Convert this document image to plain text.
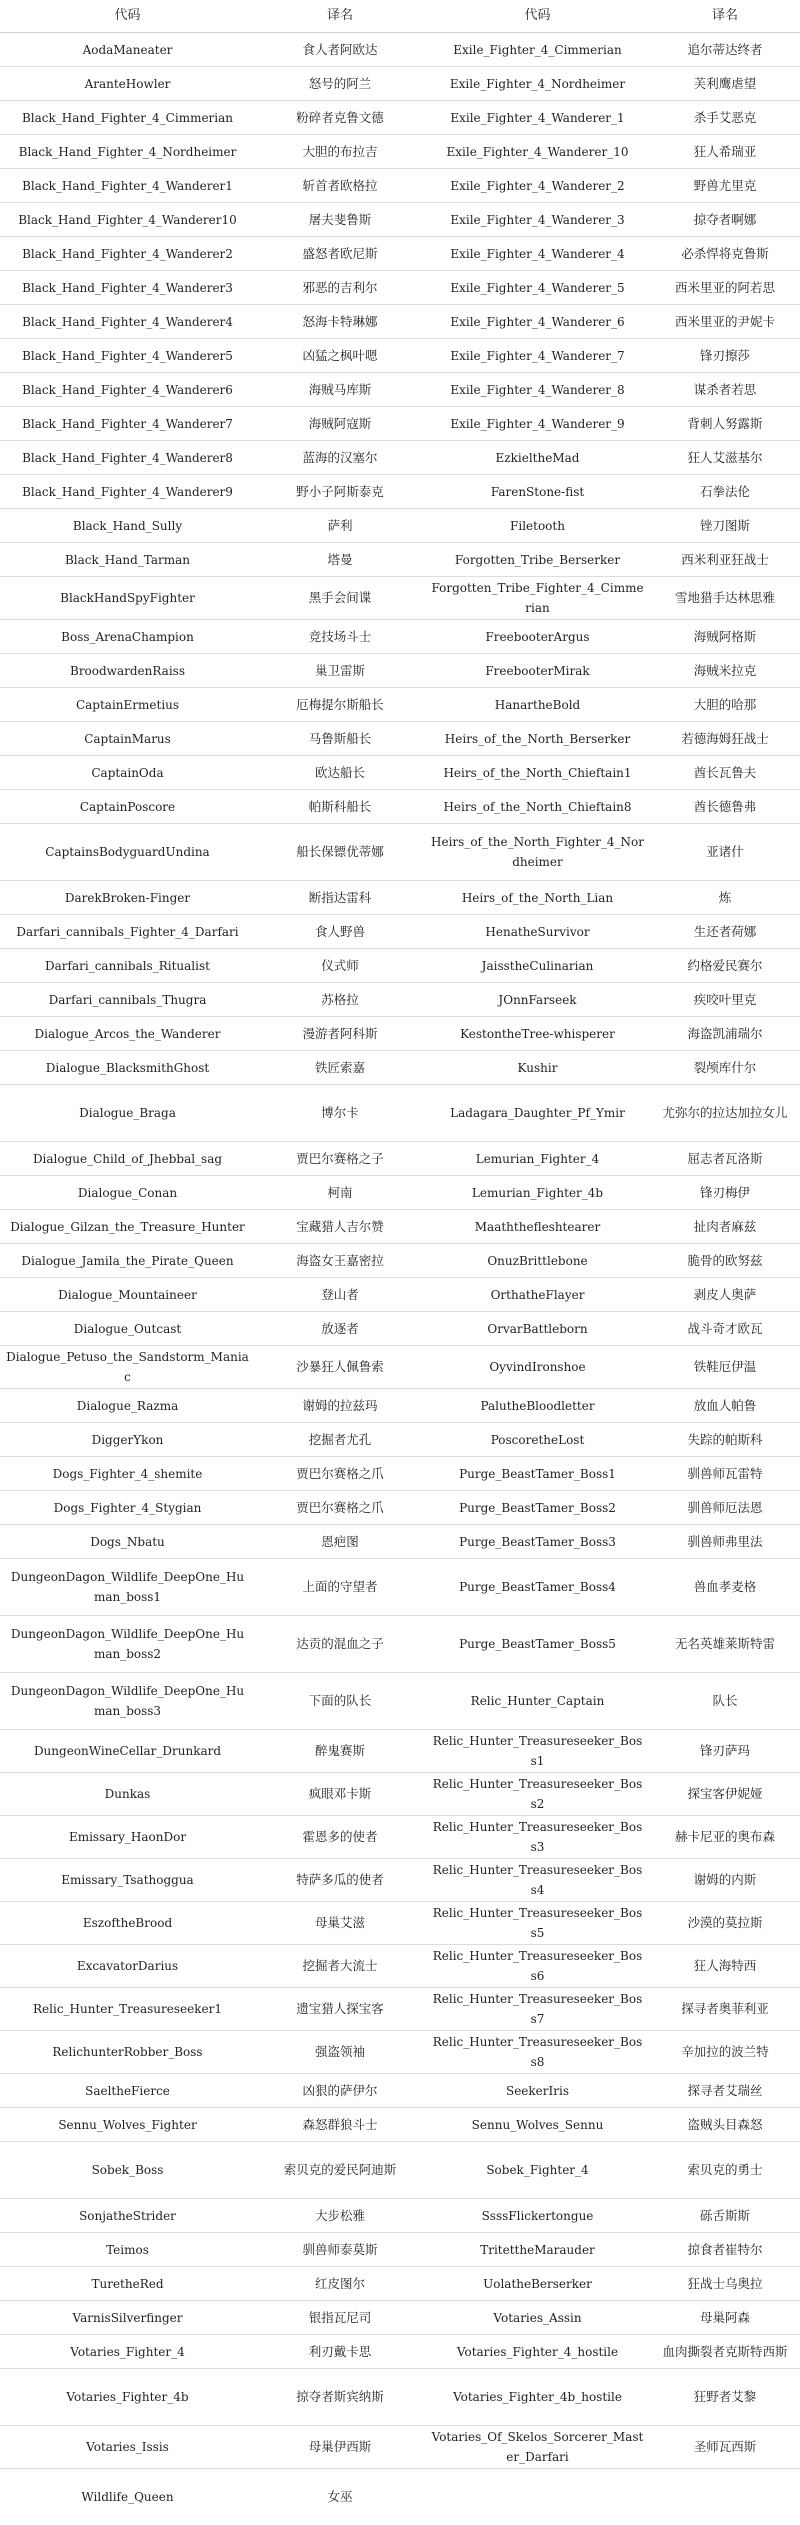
代码	译名	代码	译名
AodaManeater	食人者阿欧达	Exile_Fighter_4_Cimmerian	追尔蒂达终者
AranteHowler	怒号的阿兰	Exile_Fighter_4_Nordheimer	芙利鹰虐望
Black_Hand_Fighter_4_Cimmerian	粉碎者克鲁文德	Exile_Fighter_4_Wanderer_1	杀手艾恶克
Black_Hand_Fighter_4_Nordheimer	大胆的布拉吉	Exile_Fighter_4_Wanderer_10	狂人希瑞亚
Black_Hand_Fighter_4_Wanderer1	斩首者欧格拉	Exile_Fighter_4_Wanderer_2	野兽尤里克
Black_Hand_Fighter_4_Wanderer10	屠夫斐鲁斯	Exile_Fighter_4_Wanderer_3	掠夺者啊娜
Black_Hand_Fighter_4_Wanderer2	盛怒者欧尼斯	Exile_Fighter_4_Wanderer_4	必杀悍将克鲁斯
Black_Hand_Fighter_4_Wanderer3	邪恶的吉利尔	Exile_Fighter_4_Wanderer_5	西米里亚的阿若思
Black_Hand_Fighter_4_Wanderer4	怒海卡特琳娜	Exile_Fighter_4_Wanderer_6	西米里亚的尹妮卡
Black_Hand_Fighter_4_Wanderer5	凶猛之枫叶嗯	Exile_Fighter_4_Wanderer_7	锋刃擦莎
Black_Hand_Fighter_4_Wanderer6	海贼马库斯	Exile_Fighter_4_Wanderer_8	谋杀者若思
Black_Hand_Fighter_4_Wanderer7	海贼阿寇斯	Exile_Fighter_4_Wanderer_9	背刺人努露斯
Black_Hand_Fighter_4_Wanderer8	蓝海的汉塞尔	EzkieltheMad	狂人艾滋基尔
Black_Hand_Fighter_4_Wanderer9	野小子阿斯泰克	FarenStone-fist	石拳法伦
Black_Hand_Sully	萨利	Filetooth	锉刀图斯
Black_Hand_Tarman	塔曼	Forgotten_Tribe_Berserker	西米利亚狂战士
BlackHandSpyFighter	黑手会间谍	Forgotten_Tribe_Fighter_4_Cimmerian	雪地猎手达林思雅
Boss_ArenaChampion	竞技场斗士	FreebooterArgus	海贼阿格斯
BroodwardenRaiss	巢卫雷斯	FreebooterMirak	海贼米拉克
CaptainErmetius	厄梅提尔斯船长	HanartheBold	大胆的哈那
CaptainMarus	马鲁斯船长	Heirs_of_the_North_Berserker	若德海姆狂战士
CaptainOda	欧达船长	Heirs_of_the_North_Chieftain1	酋长瓦鲁夫
CaptainPoscore	帕斯科船长	Heirs_of_the_North_Chieftain8	酋长德鲁弗
CaptainsBodyguardUndina	船长保镖优蒂娜	Heirs_of_the_North_Fighter_4_Nordheimer	亚诸什
DarekBroken-Finger	断指达雷科	Heirs_of_the_North_Lian	炼
Darfari_cannibals_Fighter_4_Darfari	食人野兽	HenatheSurvivor	生还者荷娜
Darfari_cannibals_Ritualist	仪式师	JaisstheCulinarian	约格爱民赛尔
Darfari_cannibals_Thugra	苏格拉	JOnnFarseek	疾咬叶里克
Dialogue_Arcos_the_Wanderer	漫游者阿科斯	KestontheTree-whisperer	海盗凯浦瑞尔
Dialogue_BlacksmithGhost	铁匠索嘉	Kushir	裂颅库什尔
Dialogue_Braga	博尔卡	Ladagara_Daughter_Pf_Ymir	尤弥尔的拉达加拉女儿
Dialogue_Child_of_Jhebbal_sag	贾巴尔赛格之子	Lemurian_Fighter_4	屈志者瓦洛斯
Dialogue_Conan	柯南	Lemurian_Fighter_4b	锋刃梅伊
Dialogue_Gilzan_the_Treasure_Hunter	宝藏猎人吉尔赞	Maaththefleshtearer	扯肉者麻兹
Dialogue_Jamila_the_Pirate_Queen	海盗女王嘉密拉	OnuzBrittlebone	脆骨的欧努兹
Dialogue_Mountaineer	登山者	OrthatheFlayer	剥皮人奥萨
Dialogue_Outcast	放逐者	OrvarBattleborn	战斗奇才欧瓦
Dialogue_Petuso_the_Sandstorm_Maniac	沙暴狂人佩鲁索	OyvindIronshoe	铁鞋厄伊温
Dialogue_Razma	谢姆的拉兹玛	PalutheBloodletter	放血人帕鲁
DiggerYkon	挖掘者尤孔	PoscoretheLost	失踪的帕斯科
Dogs_Fighter_4_shemite	贾巴尔赛格之爪	Purge_BeastTamer_Boss1	驯兽师瓦雷特
Dogs_Fighter_4_Stygian	贾巴尔赛格之爪	Purge_BeastTamer_Boss2	驯兽师厄法恩
Dogs_Nbatu	恩疤图	Purge_BeastTamer_Boss3	驯兽师弗里法
DungeonDagon_Wildlife_DeepOne_Human_boss1	上面的守望者	Purge_BeastTamer_Boss4	兽血孝麦格
DungeonDagon_Wildlife_DeepOne_Human_boss2	达贡的混血之子	Purge_BeastTamer_Boss5	无名英雄莱斯特雷
DungeonDagon_Wildlife_DeepOne_Human_boss3	下面的队长	Relic_Hunter_Captain	队长
DungeonWineCellar_Drunkard	醉鬼赛斯	Relic_Hunter_Treasureseeker_Boss1	锋刃萨玛
Dunkas	疯眼邓卡斯	Relic_Hunter_Treasureseeker_Boss2	探宝客伊妮娅
Emissary_HaonDor	霍恩多的使者	Relic_Hunter_Treasureseeker_Boss3	赫卡尼亚的奥布森
Emissary_Tsathoggua	特萨多瓜的使者	Relic_Hunter_Treasureseeker_Boss4	谢姆的内斯
EszoftheBrood	母巢艾滋	Relic_Hunter_Treasureseeker_Boss5	沙漠的莫拉斯
ExcavatorDarius	挖掘者大流士	Relic_Hunter_Treasureseeker_Boss6	狂人海特西
Relic_Hunter_Treasureseeker1	遗宝猎人探宝客	Relic_Hunter_Treasureseeker_Boss7	探寻者奥菲利亚
RelichunterRobber_Boss	强盗领袖	Relic_Hunter_Treasureseeker_Boss8	辛加拉的波兰特
SaeltheFierce	凶狠的萨伊尔	SeekerIris	探寻者艾瑞丝
Sennu_Wolves_Fighter	森怒群狼斗士	Sennu_Wolves_Sennu	盗贼头目森怒
Sobek_Boss	索贝克的爱民阿迪斯	Sobek_Fighter_4	索贝克的勇士
SonjatheStrider	大步松雅	SsssFlickertongue	砾舌斯斯
Teimos	驯兽师泰莫斯	TritettheMarauder	掠食者崔特尔
TuretheRed	红皮图尔	UolatheBerserker	狂战士乌奥拉
VarnisSilverfinger	银指瓦尼司	Votaries_Assin	母巢阿森
Votaries_Fighter_4	利刃戴卡思	Votaries_Fighter_4_hostile	血肉撕裂者克斯特西斯
Votaries_Fighter_4b	掠夺者斯宾纳斯	Votaries_Fighter_4b_hostile	狂野者艾黎
Votaries_Issis	母巢伊西斯	Votaries_Of_Skelos_Sorcerer_Master_Darfari	圣师瓦西斯
Wildlife_Queen	女巫		
